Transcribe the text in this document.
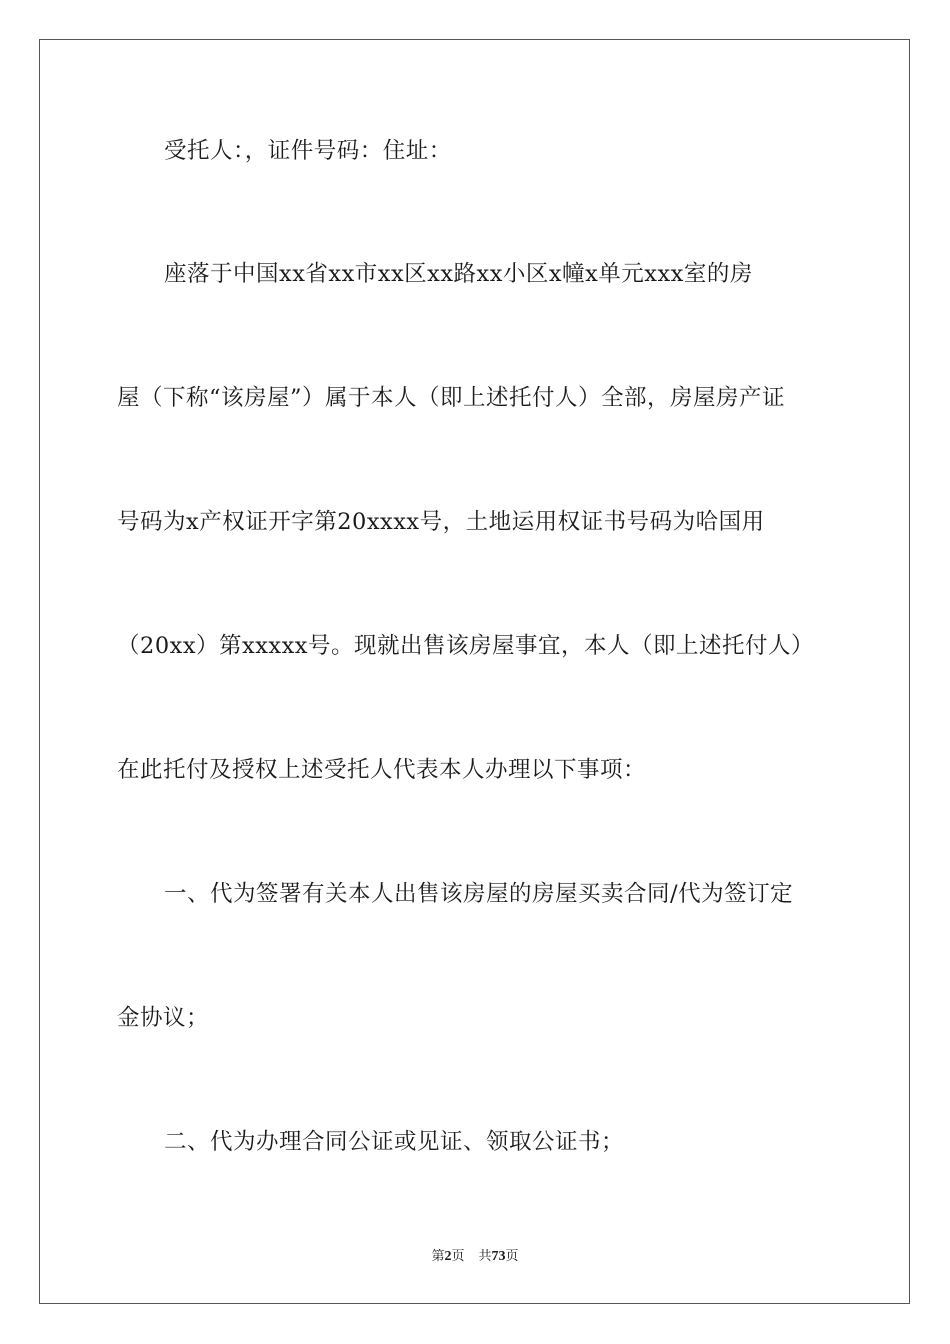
受托人：，证件号码：住址：
座落于中国xx省xx市xx区xx路xx小区x幢x单元xxx室的房
屋（下称“该房屋”）属于本人（即上述托付人）全部，房屋房产证
号码为x产权证开字第20xxxx号，土地运用权证书号码为哈国用
（20xx）第xxxxx号。现就出售该房屋事宜，本人（即上述托付人）
在此托付及授权上述受托人代表本人办理以下事项：
一、代为签署有关本人出售该房屋的房屋买卖合同/代为签订定
金协议；
二、代为办理合同公证或见证、领取公证书；
第2页 共73页
